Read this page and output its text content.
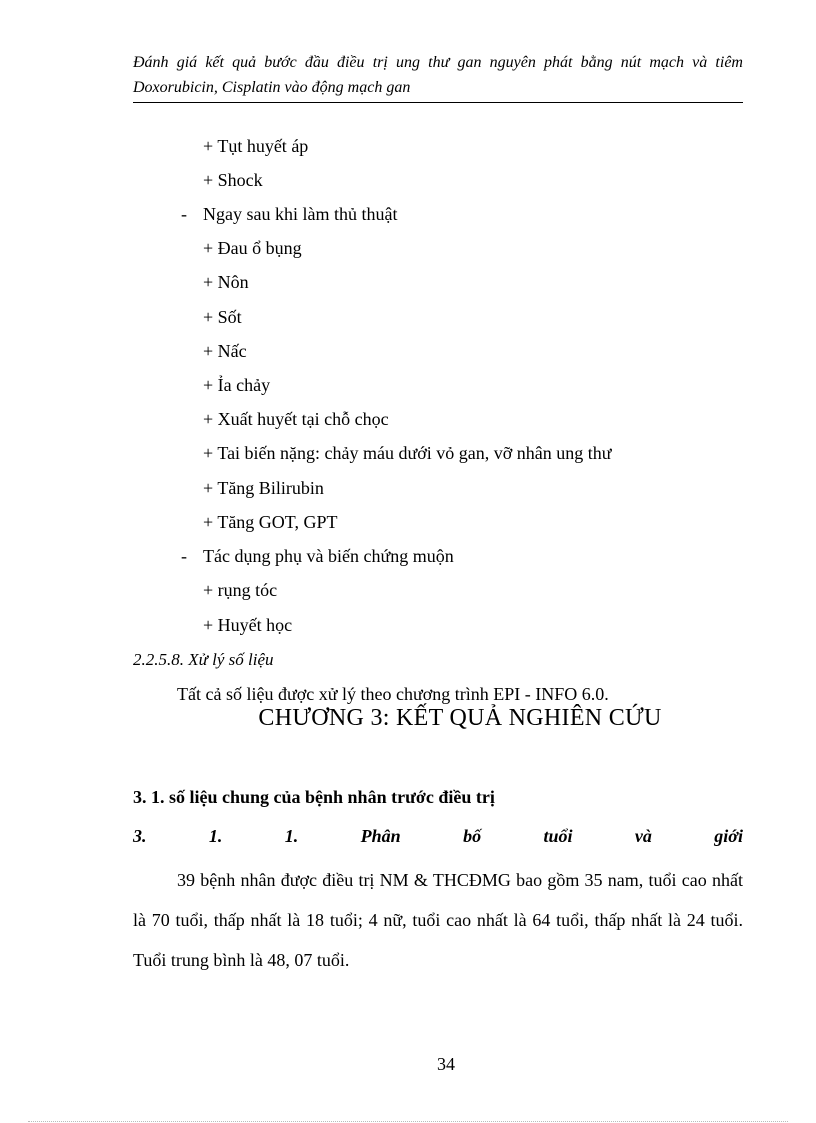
Đánh giá kết quả bước đầu điều trị ung thư gan nguyên phát bằng nút mạch và tiêm
Doxorubicin, Cisplatin vào động mạch gan
+ Tụt huyết áp
+ Shock
- Ngay sau khi làm thủ thuật
+ Đau ổ bụng
+ Nôn
+ Sốt
+ Nấc
+ Ỉa chảy
+ Xuất huyết tại chỗ chọc
+ Tai biến nặng: chảy máu dưới vỏ gan, vỡ nhân ung thư
+ Tăng Bilirubin
+ Tăng GOT, GPT
- Tác dụng phụ và biến chứng muộn
+ rụng tóc
+ Huyết học
2.2.5.8. Xử lý số liệu
Tất cả số liệu được xử lý theo chương trình EPI - INFO 6.0.
CHƯƠNG 3: KẾT QUẢ NGHIÊN CỨU
3. 1. số liệu chung của bệnh nhân trước điều trị
3.	1.	1.	Phân	bố	tuổi	và	giới
39 bệnh nhân được điều trị NM & THCĐMG bao gồm 35 nam, tuổi cao nhất là 70 tuổi, thấp nhất là 18 tuổi; 4 nữ, tuổi cao nhất là 64 tuổi, thấp nhất là 24 tuổi. Tuổi trung bình là 48, 07 tuổi.
34
